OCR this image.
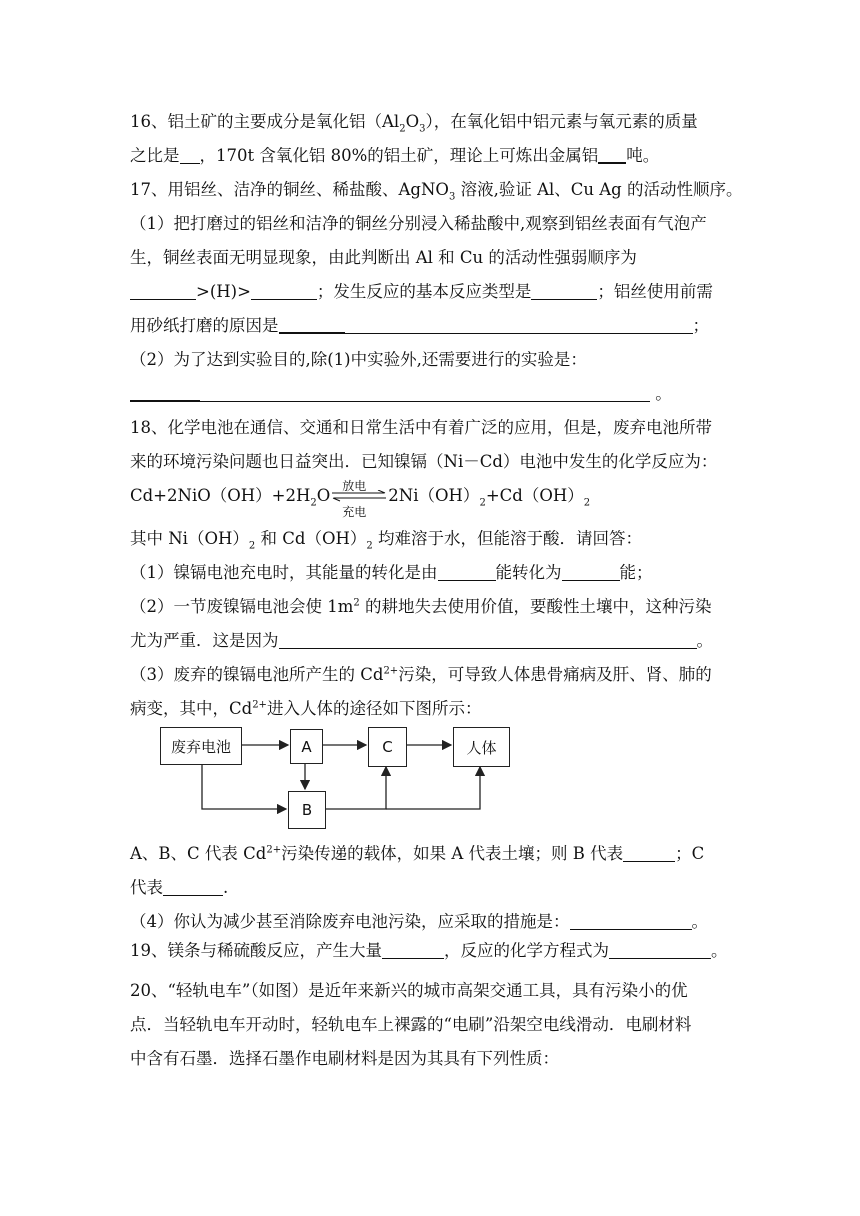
16、铝土矿的主要成分是氧化铝$(Al_2O_3)$，在氧化铝中铝元素与氧元素的质量
之比是 ，170t 含氧化铝 80%的铝土矿，理论上可炼出金属铝 吨。
17、用铝丝、洁净的铜丝、稀盐酸、AgNO$_3$ 溶液,验证 Al、Cu Ag 的活动性顺序。
（1）把打磨过的铝丝和洁净的铜丝分别浸入稀盐酸中,观察到铝丝表面有气泡产
生，铜丝表面无明显现象，由此判断出 Al 和 Cu 的活动性强弱顺序为
>(H)>	；发生反应的基本反应类型是	；铝丝使用前需
用砂纸打磨的原因是	；
（2）为了达到实验目的,除(1)中实验外,还需要进行的实验是：
。
18、化学电池在通信、交通和日常生活中有着广泛的应用，但是，废弃电池所带
来的环境污染问题也日益突出．已知镍镉（Ni－Cd）电池中发生的化学反应为：
$Cd+2NiO(OH)+2H_2O$
放电
充电
$2Ni(OH)_2+Cd(OH)_2$
其中 $Ni(OH)_2$ 和 $Cd(OH)_2$ 均难溶于水，但能溶于酸．请回答：
（1）镍镉电池充电时，其能量的转化是由	能转化为	能；
（2）一节废镍镉电池会使 $1m^2$ 的耕地失去使用价值，要酸性土壤中，这种污染
尤为严重．这是因为	。
（3）废弃的镍镉电池所产生的 $Cd^{2+}$污染，可导致人体患骨痛病及肝、肾、肺的
病变，其中，$Cd^{2+}$进入人体的途径如下图所示：
废弃电池	A	C	人体
B
A、B、C 代表 $Cd^{2+}$污染传递的载体，如果 A 代表土壤；则 B 代表	；C
代表	.
（4）你认为减少甚至消除废弃电池污染，应采取的措施是：	。
19、镁条与稀硫酸反应，产生大量	，反应的化学方程式为	。
20、“轻轨电车”（如图）是近年来新兴的城市高架交通工具，具有污染小的优
点．当轻轨电车开动时，轻轨电车上裸露的“电刷”沿架空电线滑动．电刷材料
中含有石墨．选择石墨作电刷材料是因为其具有下列性质：
